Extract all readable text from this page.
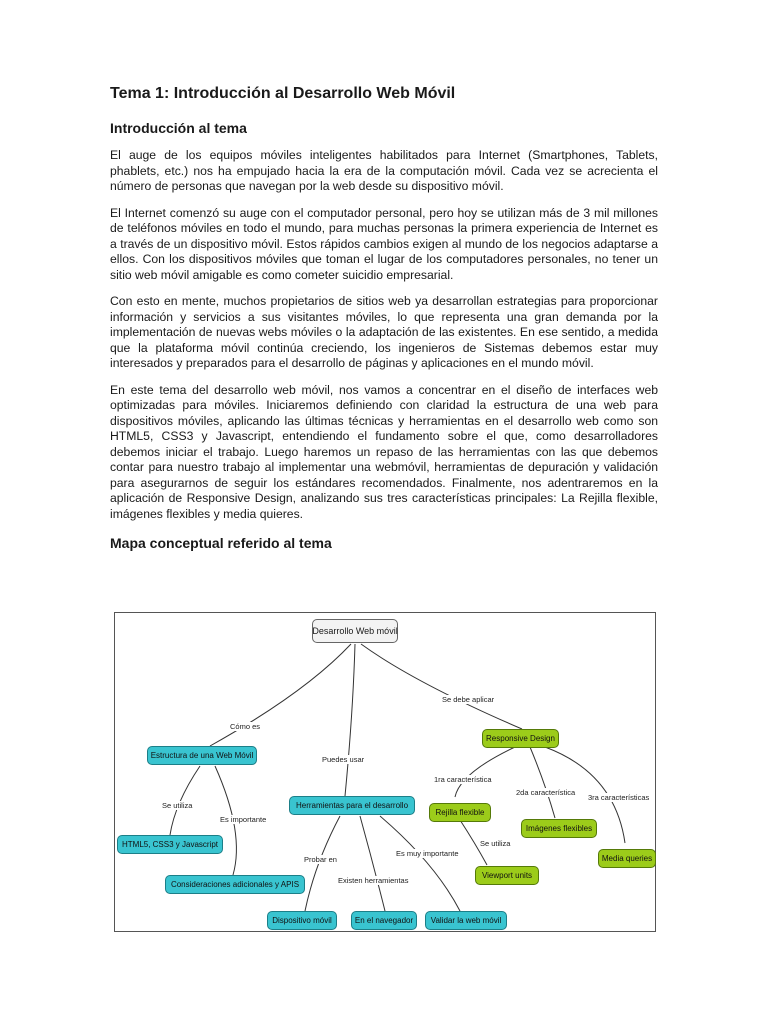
Tema 1: Introducción al Desarrollo Web Móvil
Introducción al tema

El auge de los equipos móviles inteligentes habilitados para Internet (Smartphones, Tablets, phablets, etc.) nos ha empujado hacia la era de la computación móvil. Cada vez se acrecienta el número de personas que navegan por la web desde su dispositivo móvil.

El Internet comenzó su auge con el computador personal, pero hoy se utilizan más de 3 mil millones de teléfonos móviles en todo el mundo, para muchas personas la primera experiencia de Internet es a través de un dispositivo móvil. Estos rápidos cambios exigen al mundo de los negocios adaptarse a ellos. Con los dispositivos móviles que toman el lugar de los computadores personales, no tener un sitio web móvil amigable es como cometer suicidio empresarial.

Con esto en mente, muchos propietarios de sitios web ya desarrollan estrategias para proporcionar información y servicios a sus visitantes móviles, lo que representa una gran demanda por la implementación de nuevas webs móviles o la adaptación de las existentes. En ese sentido, a medida que la plataforma móvil continúa creciendo, los ingenieros de Sistemas debemos estar muy interesados y preparados para el desarrollo de páginas y aplicaciones en el mundo móvil.

En este tema del desarrollo web móvil, nos vamos a concentrar en el diseño de interfaces web optimizadas para móviles. Iniciaremos definiendo con claridad la estructura de una web para dispositivos móviles, aplicando las últimas técnicas y herramientas en el desarrollo web como son HTML5, CSS3 y Javascript, entendiendo el fundamento sobre el que, como desarrolladores debemos iniciar el trabajo. Luego haremos un repaso de las herramientas con las que debemos contar para nuestro trabajo al implementar una webmóvil, herramientas de depuración y validación para asegurarnos de seguir los estándares recomendados. Finalmente, nos adentraremos en la aplicación de Responsive Design, analizando sus tres características principales: La Rejilla flexible, imágenes flexibles y media quieres.

Mapa conceptual referido al tema
Desarrollo Web móvil
Estructura de una Web Móvil
Herramientas para el desarrollo
Responsive Design
HTML5, CSS3 y Javascript
Consideraciones adicionales y APIS
Dispositivo móvil	En el navegador	Validar la web móvil
Rejilla flexible
Imágenes flexibles
Media queries
Viewport units
Cómo es
Puedes usar
Se debe aplicar
Se utiliza
Es importante
Probar en
Existen herramientas
Es muy importante
1ra característica
2da característica
3ra características
Se utiliza
